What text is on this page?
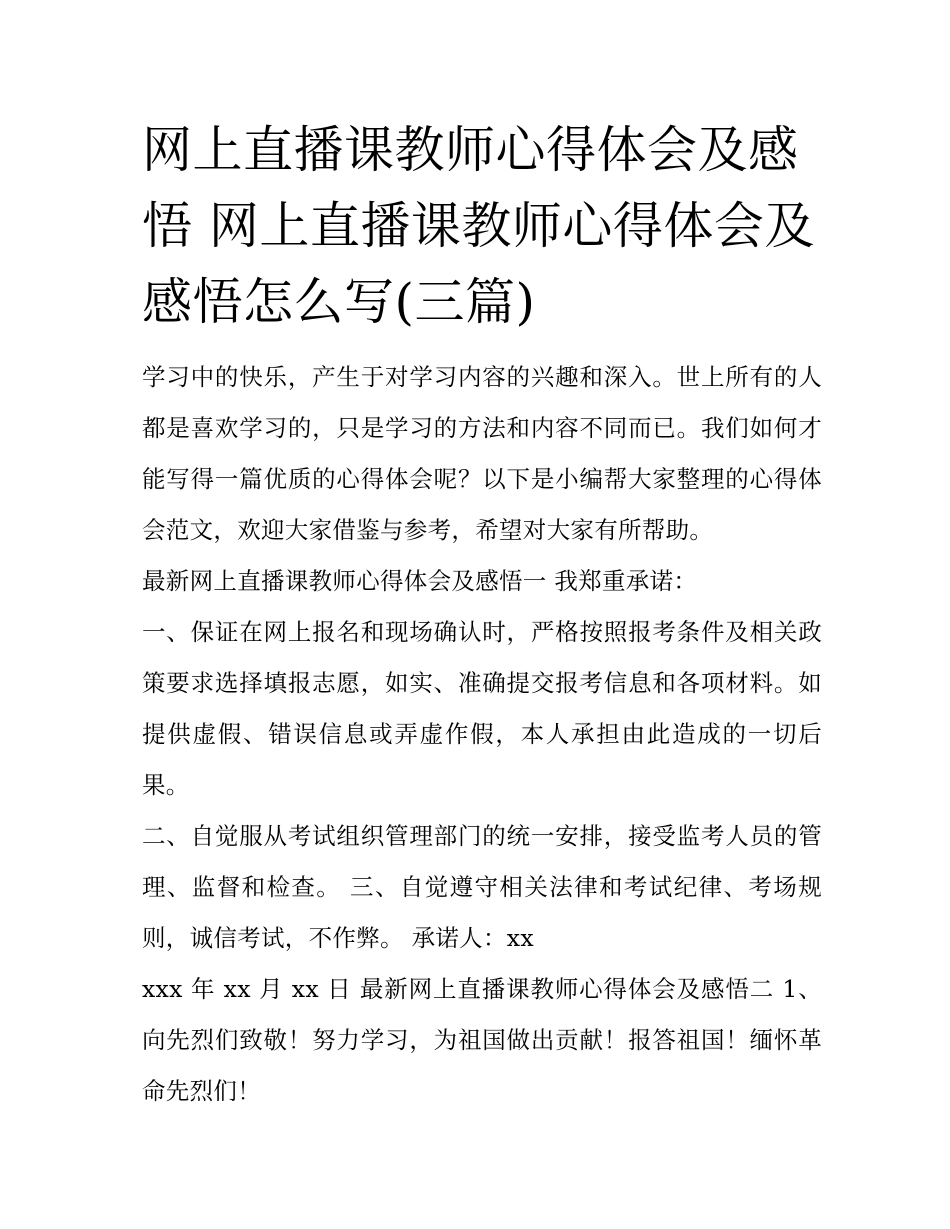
网上直播课教师心得体会及感悟 网上直播课教师心得体会及感悟怎么写(三篇)

学习中的快乐，产生于对学习内容的兴趣和深入。世上所有的人都是喜欢学习的，只是学习的方法和内容不同而已。我们如何才能写得一篇优质的心得体会呢？以下是小编帮大家整理的心得体会范文，欢迎大家借鉴与参考，希望对大家有所帮助。

最新网上直播课教师心得体会及感悟一 我郑重承诺：

一、保证在网上报名和现场确认时，严格按照报考条件及相关政策要求选择填报志愿，如实、准确提交报考信息和各项材料。如提供虚假、错误信息或弄虚作假，本人承担由此造成的一切后果。

二、自觉服从考试组织管理部门的统一安排，接受监考人员的管理、监督和检查。 三、自觉遵守相关法律和考试纪律、考场规则，诚信考试，不作弊。 承诺人：xx

xxx 年 xx 月 xx 日 最新网上直播课教师心得体会及感悟二 1、向先烈们致敬！努力学习，为祖国做出贡献！报答祖国！缅怀革命先烈们！
